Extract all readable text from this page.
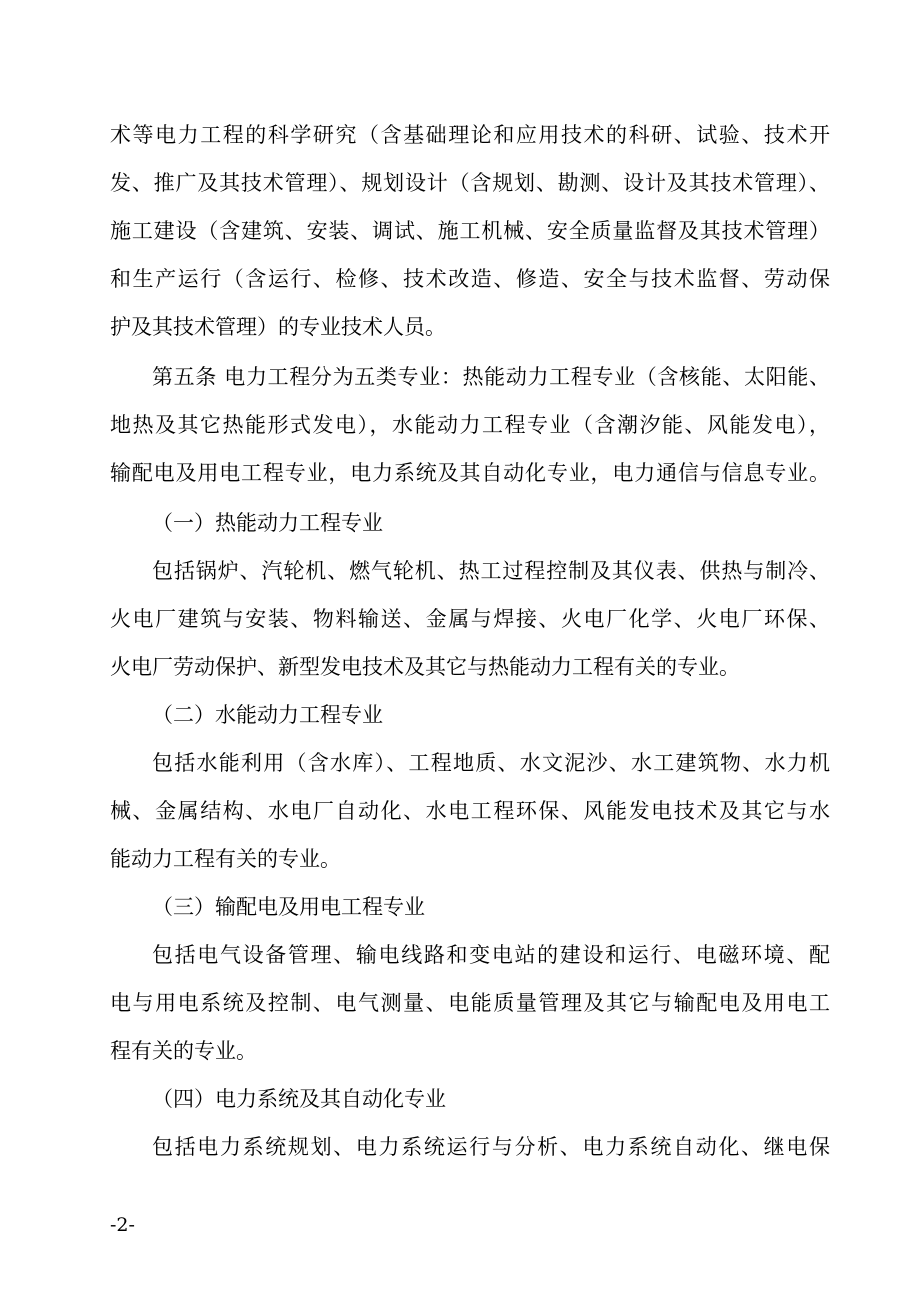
术等电力工程的科学研究（含基础理论和应用技术的科研、试验、技术开
发、推广及其技术管理）、规划设计（含规划、勘测、设计及其技术管理）、
施工建设（含建筑、安装、调试、施工机械、安全质量监督及其技术管理）
和生产运行（含运行、检修、技术改造、修造、安全与技术监督、劳动保
护及其技术管理）的专业技术人员。
第五条 电力工程分为五类专业：热能动力工程专业（含核能、太阳能、
地热及其它热能形式发电），水能动力工程专业（含潮汐能、风能发电），
输配电及用电工程专业，电力系统及其自动化专业，电力通信与信息专业。
（一）热能动力工程专业
包括锅炉、汽轮机、燃气轮机、热工过程控制及其仪表、供热与制冷、
火电厂建筑与安装、物料输送、金属与焊接、火电厂化学、火电厂环保、
火电厂劳动保护、新型发电技术及其它与热能动力工程有关的专业。
（二）水能动力工程专业
包括水能利用（含水库）、工程地质、水文泥沙、水工建筑物、水力机
械、金属结构、水电厂自动化、水电工程环保、风能发电技术及其它与水
能动力工程有关的专业。
（三）输配电及用电工程专业
包括电气设备管理、输电线路和变电站的建设和运行、电磁环境、配
电与用电系统及控制、电气测量、电能质量管理及其它与输配电及用电工
程有关的专业。
（四）电力系统及其自动化专业
包括电力系统规划、电力系统运行与分析、电力系统自动化、继电保
-2-
